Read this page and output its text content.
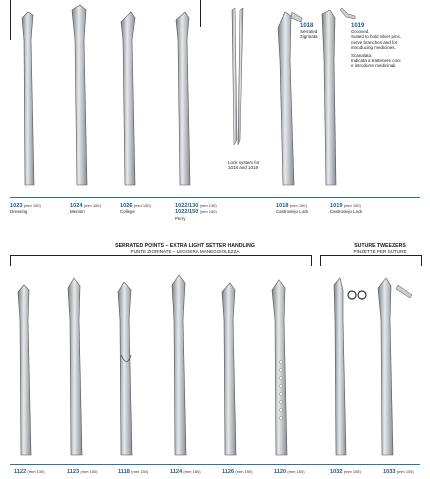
1018
Serrated
Zigrinata
1019
Grooved.
Suited to hold silver pins,
nerve branches and for
introducing medicines.

Scanalata.
Indicata a trattenere coni
e introdurre medicinali.
Lock system for 1018 and 1019
1023 (mm 150)
Dressing
1024 (mm 160)
Meriam
1026 (mm 150)
College
1022/130 (mm 130)
1022/150 (mm 150)
Perry
1018 (mm 150)
Castroviejo Lock
1019 (mm 150)
Castroviejo Lock
SERRATED POINTS – EXTRA LIGHT SETTER HANDLING
PUNTE ZIGRINATE – LEGGERA MANEGGIOLEZZA
SUTURE TWEEZERS
PINZETTE PER SUTURE
1122 (mm 130)	1123 (mm 150)	1118 (mm 150)	1124 (mm 180)	1126 (mm 150)	1120 (mm 150)	1032 (mm 155)	1033 (mm 155)
